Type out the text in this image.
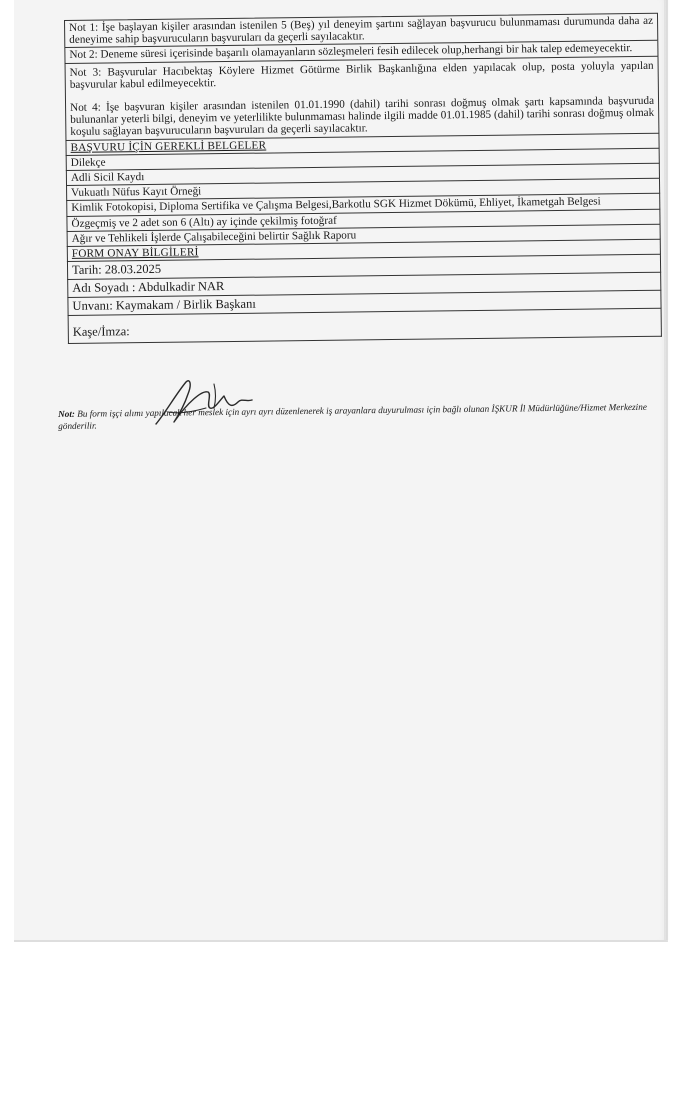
Not 1: İşe başlayan kişiler arasından istenilen 5 (Beş) yıl deneyim şartını sağlayan başvurucu bulunmaması durumunda daha az deneyime sahip başvurucuların başvuruları da geçerli sayılacaktır.
Not 2: Deneme süresi içerisinde başarılı olamayanların sözleşmeleri fesih edilecek olup,herhangi bir hak talep edemeyecektir.
Not 3: Başvurular Hacıbektaş Köylere Hizmet Götürme Birlik Başkanlığına elden yapılacak olup, posta yoluyla yapılan başvurular kabul edilmeyecektir.
Not 4: İşe başvuran kişiler arasından istenilen 01.01.1990 (dahil) tarihi sonrası doğmuş olmak şartı kapsamında başvuruda bulunanlar yeterli bilgi, deneyim ve yeterlilikte bulunmaması halinde ilgili madde 01.01.1985 (dahil) tarihi sonrası doğmuş olmak koşulu sağlayan başvurucuların başvuruları da geçerli sayılacaktır.
BAŞVURU İÇİN GEREKLİ BELGELER
Dilekçe
Adli Sicil Kaydı
Vukuatlı Nüfus Kayıt Örneği
Kimlik Fotokopisi, Diploma Sertifika ve Çalışma Belgesi,Barkotlu SGK Hizmet Dökümü, Ehliyet, İkametgah Belgesi
Özgeçmiş ve 2 adet son 6 (Altı) ay içinde çekilmiş fotoğraf
Ağır ve Tehlikeli İşlerde Çalışabileceğini belirtir Sağlık Raporu
FORM ONAY BİLGİLERİ
Tarih: 28.03.2025
Adı Soyadı : Abdulkadir NAR
Unvanı: Kaymakam / Birlik Başkanı
Kaşe/İmza:
Not: Bu form işçi alımı yapılacak her meslek için ayrı ayrı düzenlenerek iş arayanlara duyurulması için bağlı olunan İŞKUR İl Müdürlüğüne/Hizmet Merkezine gönderilir.
